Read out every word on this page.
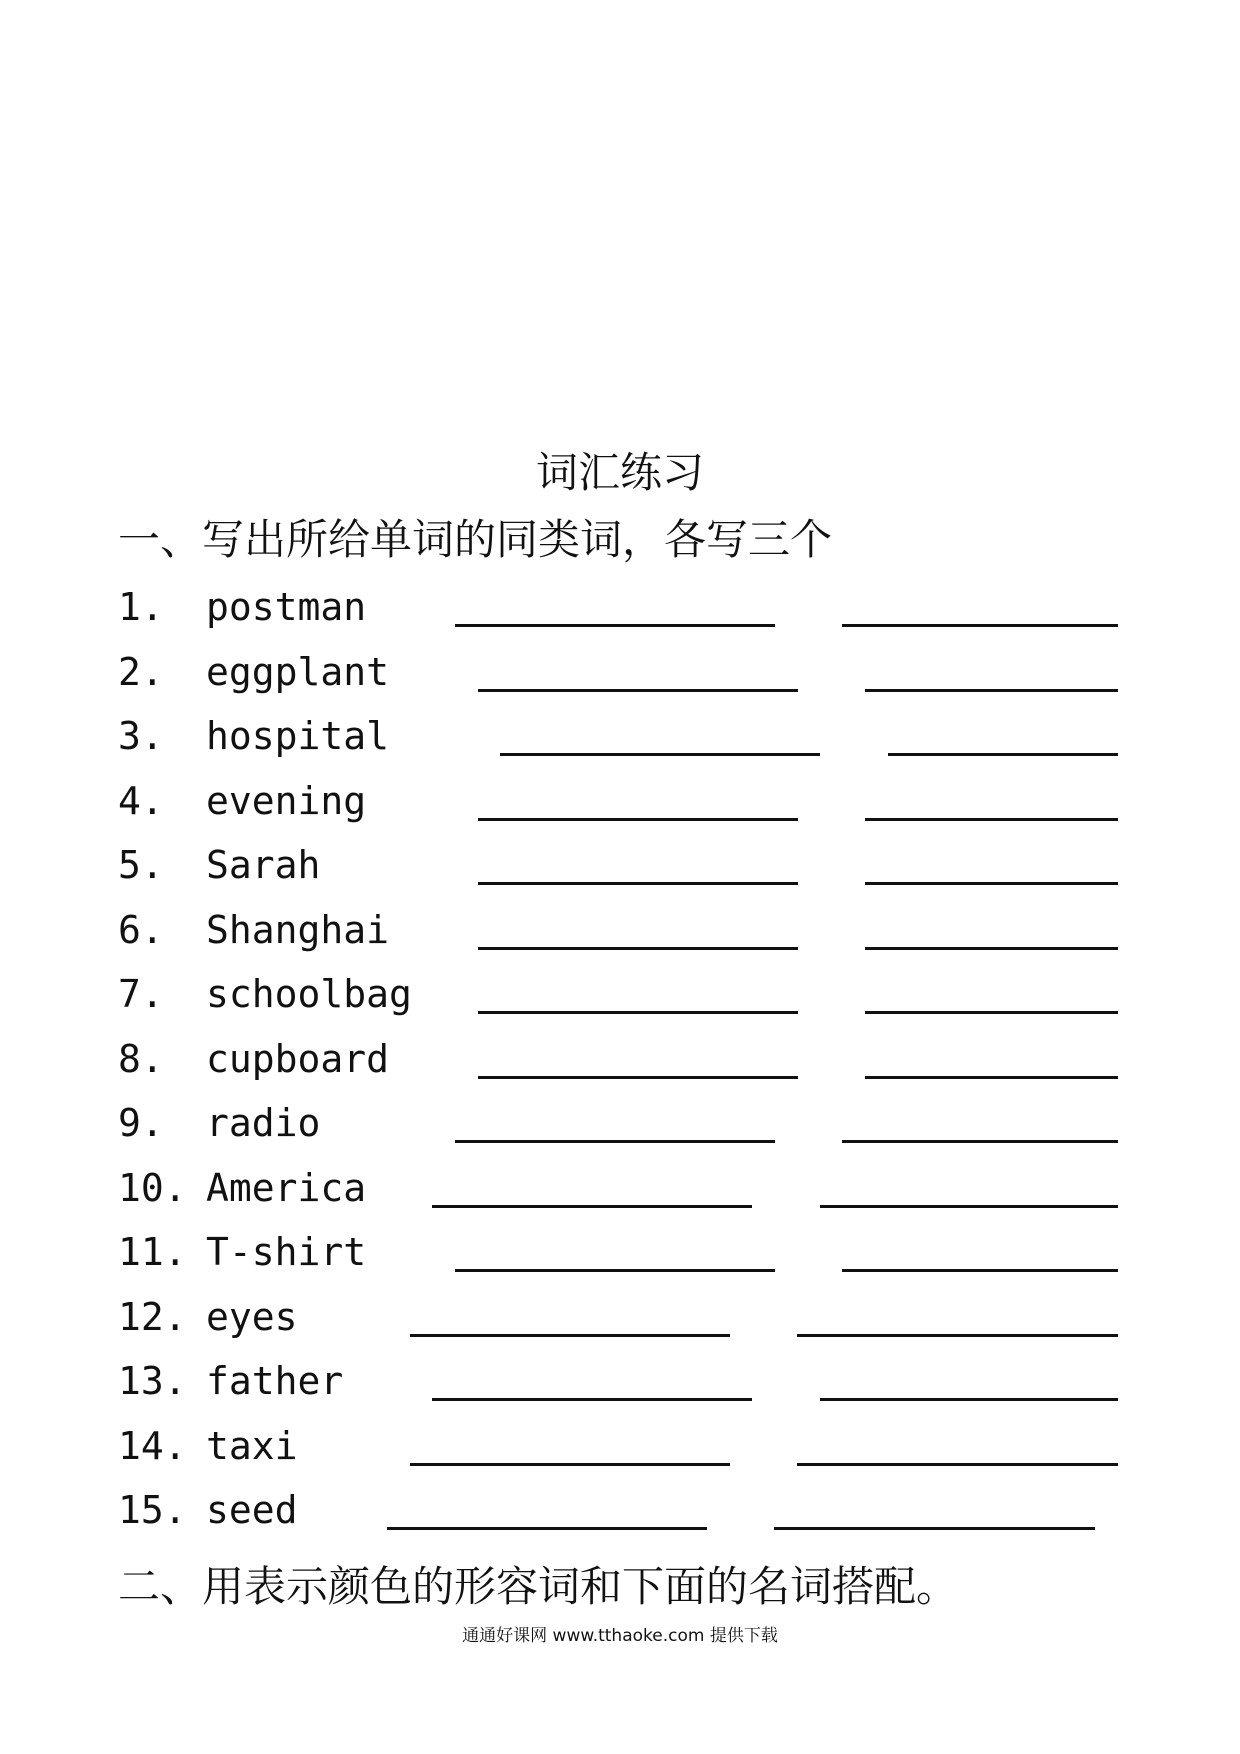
词汇练习
一、写出所给单词的同类词，各写三个
1. postman
2. eggplant
3. hospital
4. evening
5. Sarah
6. Shanghai
7. schoolbag
8. cupboard
9. radio
10. America
11. T-shirt
12. eyes
13. father
14. taxi
15. seed
二、用表示颜色的形容词和下面的名词搭配。
通通好课网 www.tthaoke.com 提供下载
